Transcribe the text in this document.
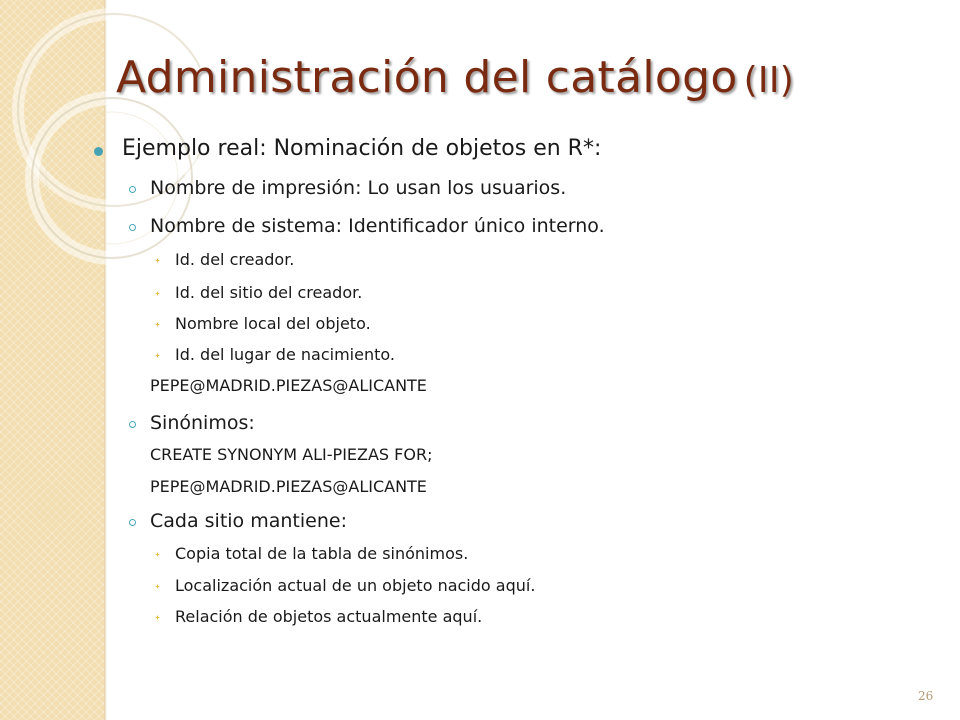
Administración del catálogo (II)

Ejemplo real: Nominación de objetos en R*:

Nombre de impresión: Lo usan los usuarios.

Nombre de sistema: Identificador único interno.

Id. del creador.

Id. del sitio del creador.

Nombre local del objeto.

Id. del lugar de nacimiento.

PEPE@MADRID.PIEZAS@ALICANTE

Sinónimos:

CREATE SYNONYM ALI-PIEZAS FOR;

PEPE@MADRID.PIEZAS@ALICANTE

Cada sitio mantiene:

Copia total de la tabla de sinónimos.

Localización actual de un objeto nacido aquí.

Relación de objetos actualmente aquí.

26
